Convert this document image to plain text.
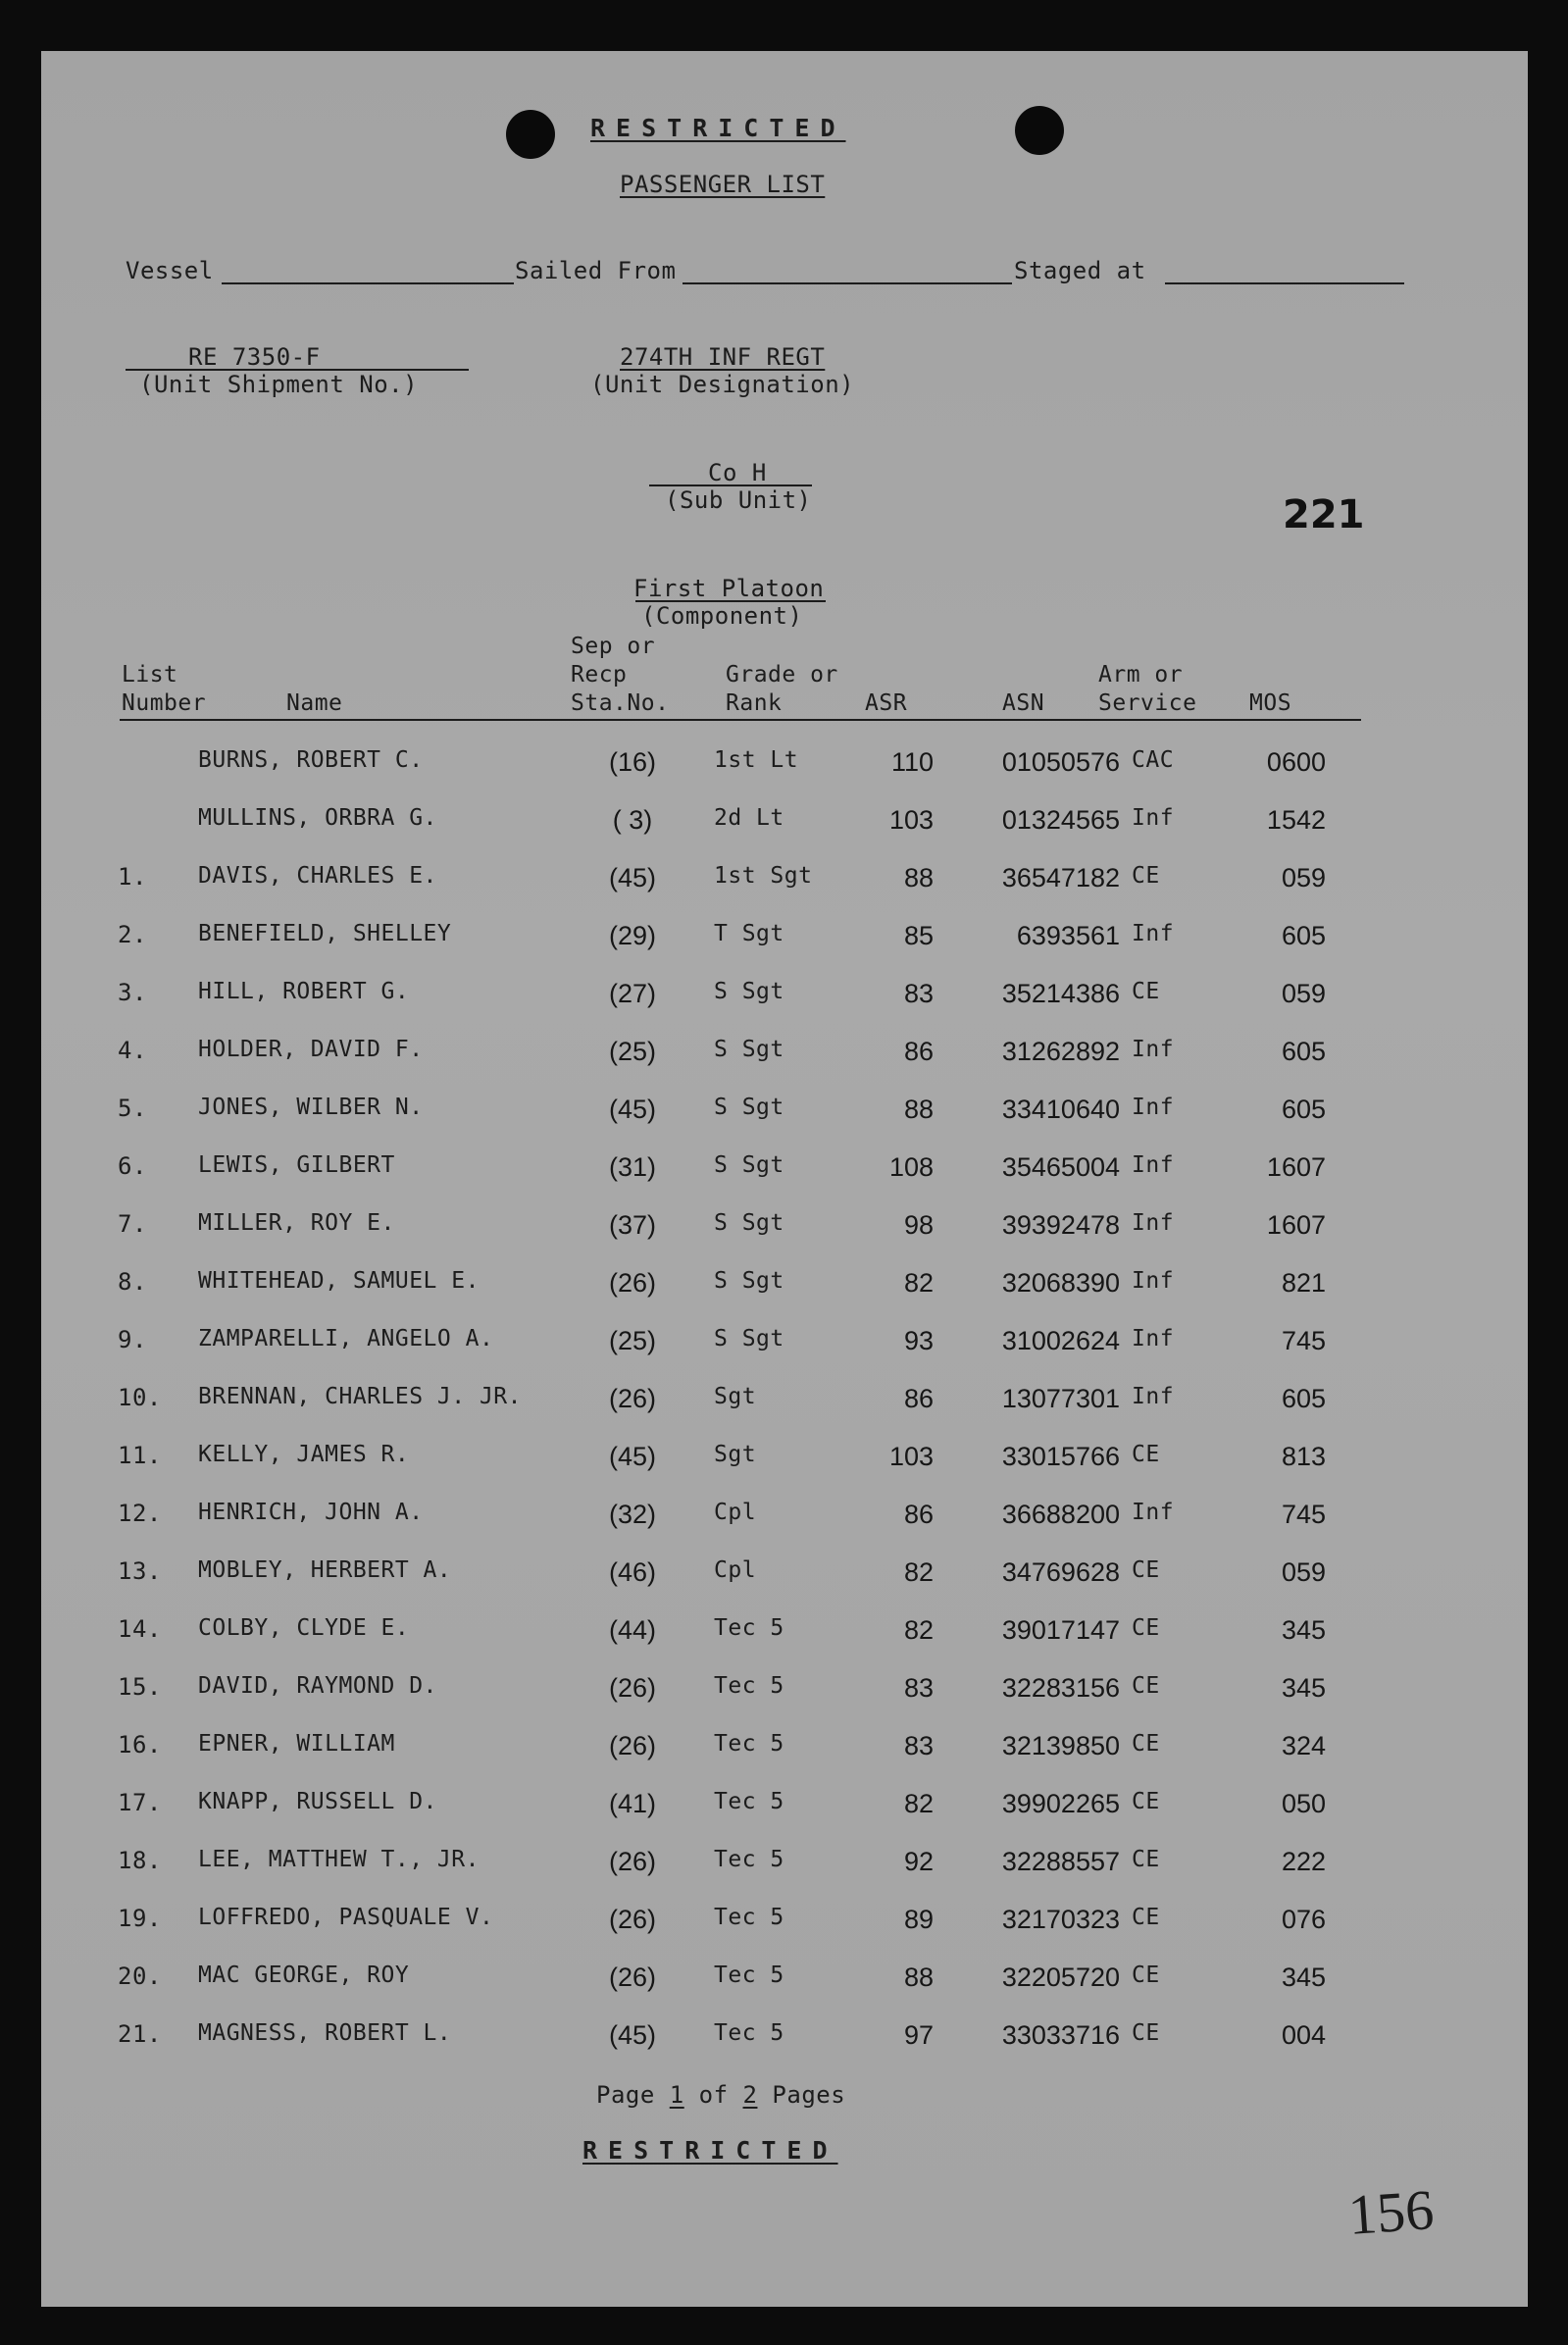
RESTRICTED
PASSENGER LIST
Vessel	Sailed From	Staged at
RE 7350-F
(Unit Shipment No.)
274TH INF REGT
(Unit Designation)
Co H
(Sub Unit)	221
First Platoon
(Component)
List
Number	Name
Sep or
Recp
Sta.No.
Grade or
Rank	ASR	ASN
Arm or
Service MOS
BURNS, ROBERT C.	(16)	1st Lt	110	01050576 CAC	0600
MULLINS, ORBRA G.	( 3)	2d Lt	103	01324565 Inf	1542
1.	DAVIS, CHARLES E.	(45)	1st Sgt	88	36547182 CE	059
2.	BENEFIELD, SHELLEY	(29)	T Sgt	85	6393561 Inf	605
3.	HILL, ROBERT G.	(27)	S Sgt	83	35214386 CE	059
4.	HOLDER, DAVID F.	(25)	S Sgt	86	31262892 Inf	605
5.	JONES, WILBER N.	(45)	S Sgt	88	33410640 Inf	605
6.	LEWIS, GILBERT	(31)	S Sgt	108	35465004 Inf	1607
7.	MILLER, ROY E.	(37)	S Sgt	98	39392478 Inf	1607
8.	WHITEHEAD, SAMUEL E.	(26)	S Sgt	82	32068390 Inf	821
9.	ZAMPARELLI, ANGELO A.	(25)	S Sgt	93	31002624 Inf	745
10.	BRENNAN, CHARLES J. JR.	(26)	Sgt	86	13077301 Inf	605
11.	KELLY, JAMES R.	(45)	Sgt	103	33015766 CE	813
12.	HENRICH, JOHN A.	(32)	Cpl	86	36688200 Inf	745
13.	MOBLEY, HERBERT A.	(46)	Cpl	82	34769628 CE	059
14.	COLBY, CLYDE E.	(44)	Tec 5	82	39017147 CE	345
15.	DAVID, RAYMOND D.	(26)	Tec 5	83	32283156 CE	345
16.	EPNER, WILLIAM	(26)	Tec 5	83	32139850 CE	324
17.	KNAPP, RUSSELL D.	(41)	Tec 5	82	39902265 CE	050
18.	LEE, MATTHEW T., JR.	(26)	Tec 5	92	32288557 CE	222
19.	LOFFREDO, PASQUALE V.	(26)	Tec 5	89	32170323 CE	076
20.	MAC GEORGE, ROY	(26)	Tec 5	88	32205720 CE	345
21.	MAGNESS, ROBERT L.	(45)	Tec 5	97	33033716 CE	004
Page 1 of 2 Pages
RESTRICTED
156
